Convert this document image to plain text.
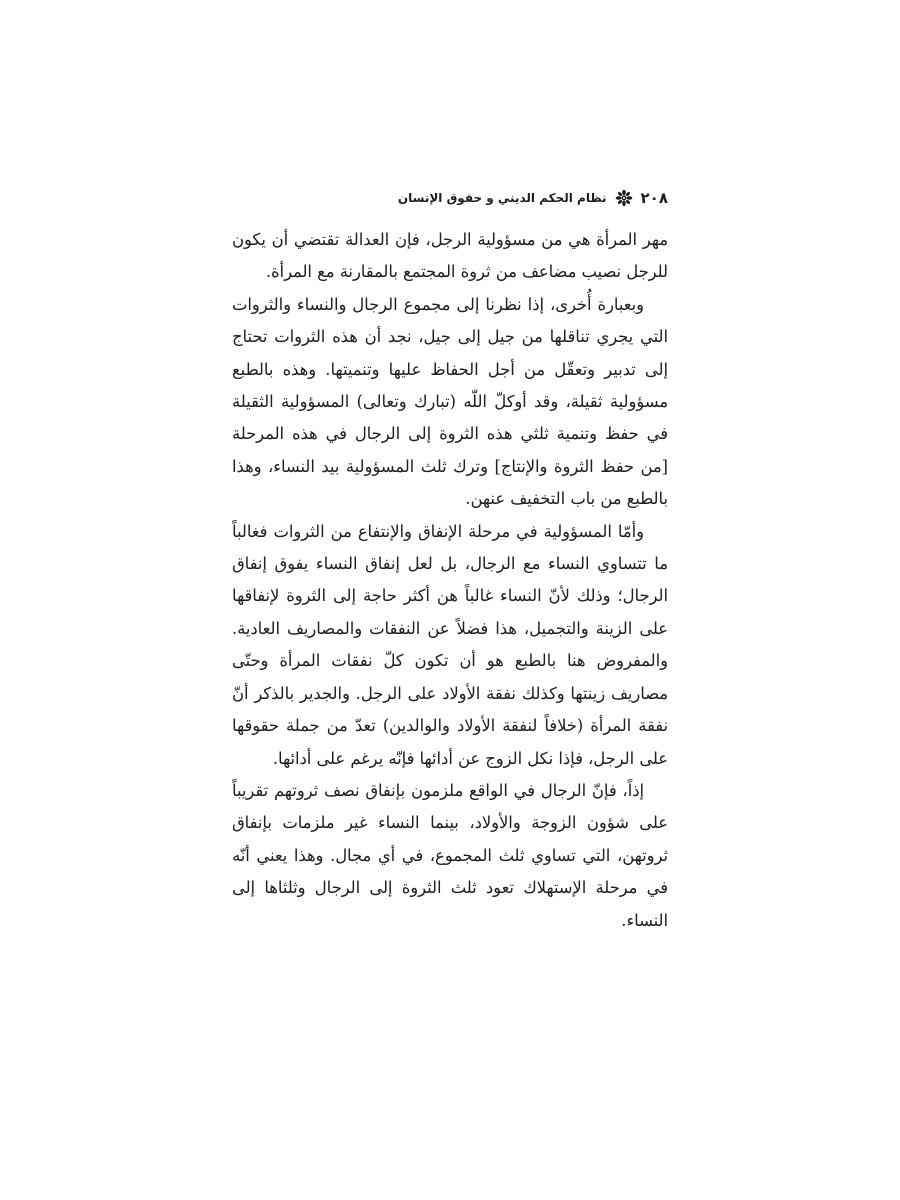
٢٠٨
نظام الحكم الديني و حقوق الإنسان

مهر المرأة هي من مسؤولية الرجل، فإن العدالة تقتضي أن يكون للرجل نصيب مضاعف من ثروة المجتمع بالمقارنة مع المرأة.

وبعبارة أُخرى، إذا نظرنا إلى مجموع الرجال والنساء والثروات التي يجري تناقلها من جيل إلى جيل، نجد أن هذه الثروات تحتاج إلى تدبير وتعقّل من أجل الحفاظ عليها وتنميتها. وهذه بالطبع مسؤولية ثقيلة، وقد أوكلّ اللّه (تبارك وتعالى) المسؤولية الثقيلة في حفظ وتنمية ثلثي هذه الثروة إلى الرجال في هذه المرحلة [من حفظ الثروة والإنتاج] وترك ثلث المسؤولية بيد النساء، وهذا بالطبع من باب التخفيف عنهن.

وأمّا المسؤولية في مرحلة الإنفاق والإنتفاع من الثروات فغالباً ما تتساوي النساء مع الرجال، بل لعل إنفاق النساء يفوق إنفاق الرجال؛ وذلك لأنّ النساء غالباً هن أكثر حاجة إلى الثروة لإنفاقها على الزينة والتجميل، هذا فضلاً عن النفقات والمصاريف العادية. والمفروض هنا بالطبع هو أن تكون كلّ نفقات المرأة وحتّى مصاريف زينتها وكذلك نفقة الأولاد على الرجل. والجدير بالذكر أنّ نفقة المرأة (خلافاً لنفقة الأولاد والوالدين) تعدّ من جملة حقوقها على الرجل، فإذا نكل الزوج عن أدائها فإنّه يرغم على أدائها.

إذاً، فإنّ الرجال في الواقع ملزمون بإنفاق نصف ثروتهم تقريباً على شؤون الزوجة والأولاد، بينما النساء غير ملزمات بإنفاق ثروتهن، التي تساوي ثلث المجموع، في أي مجال. وهذا يعني أنّه في مرحلة الإستهلاك تعود ثلث الثروة إلى الرجال وثلثاها إلى النساء.
